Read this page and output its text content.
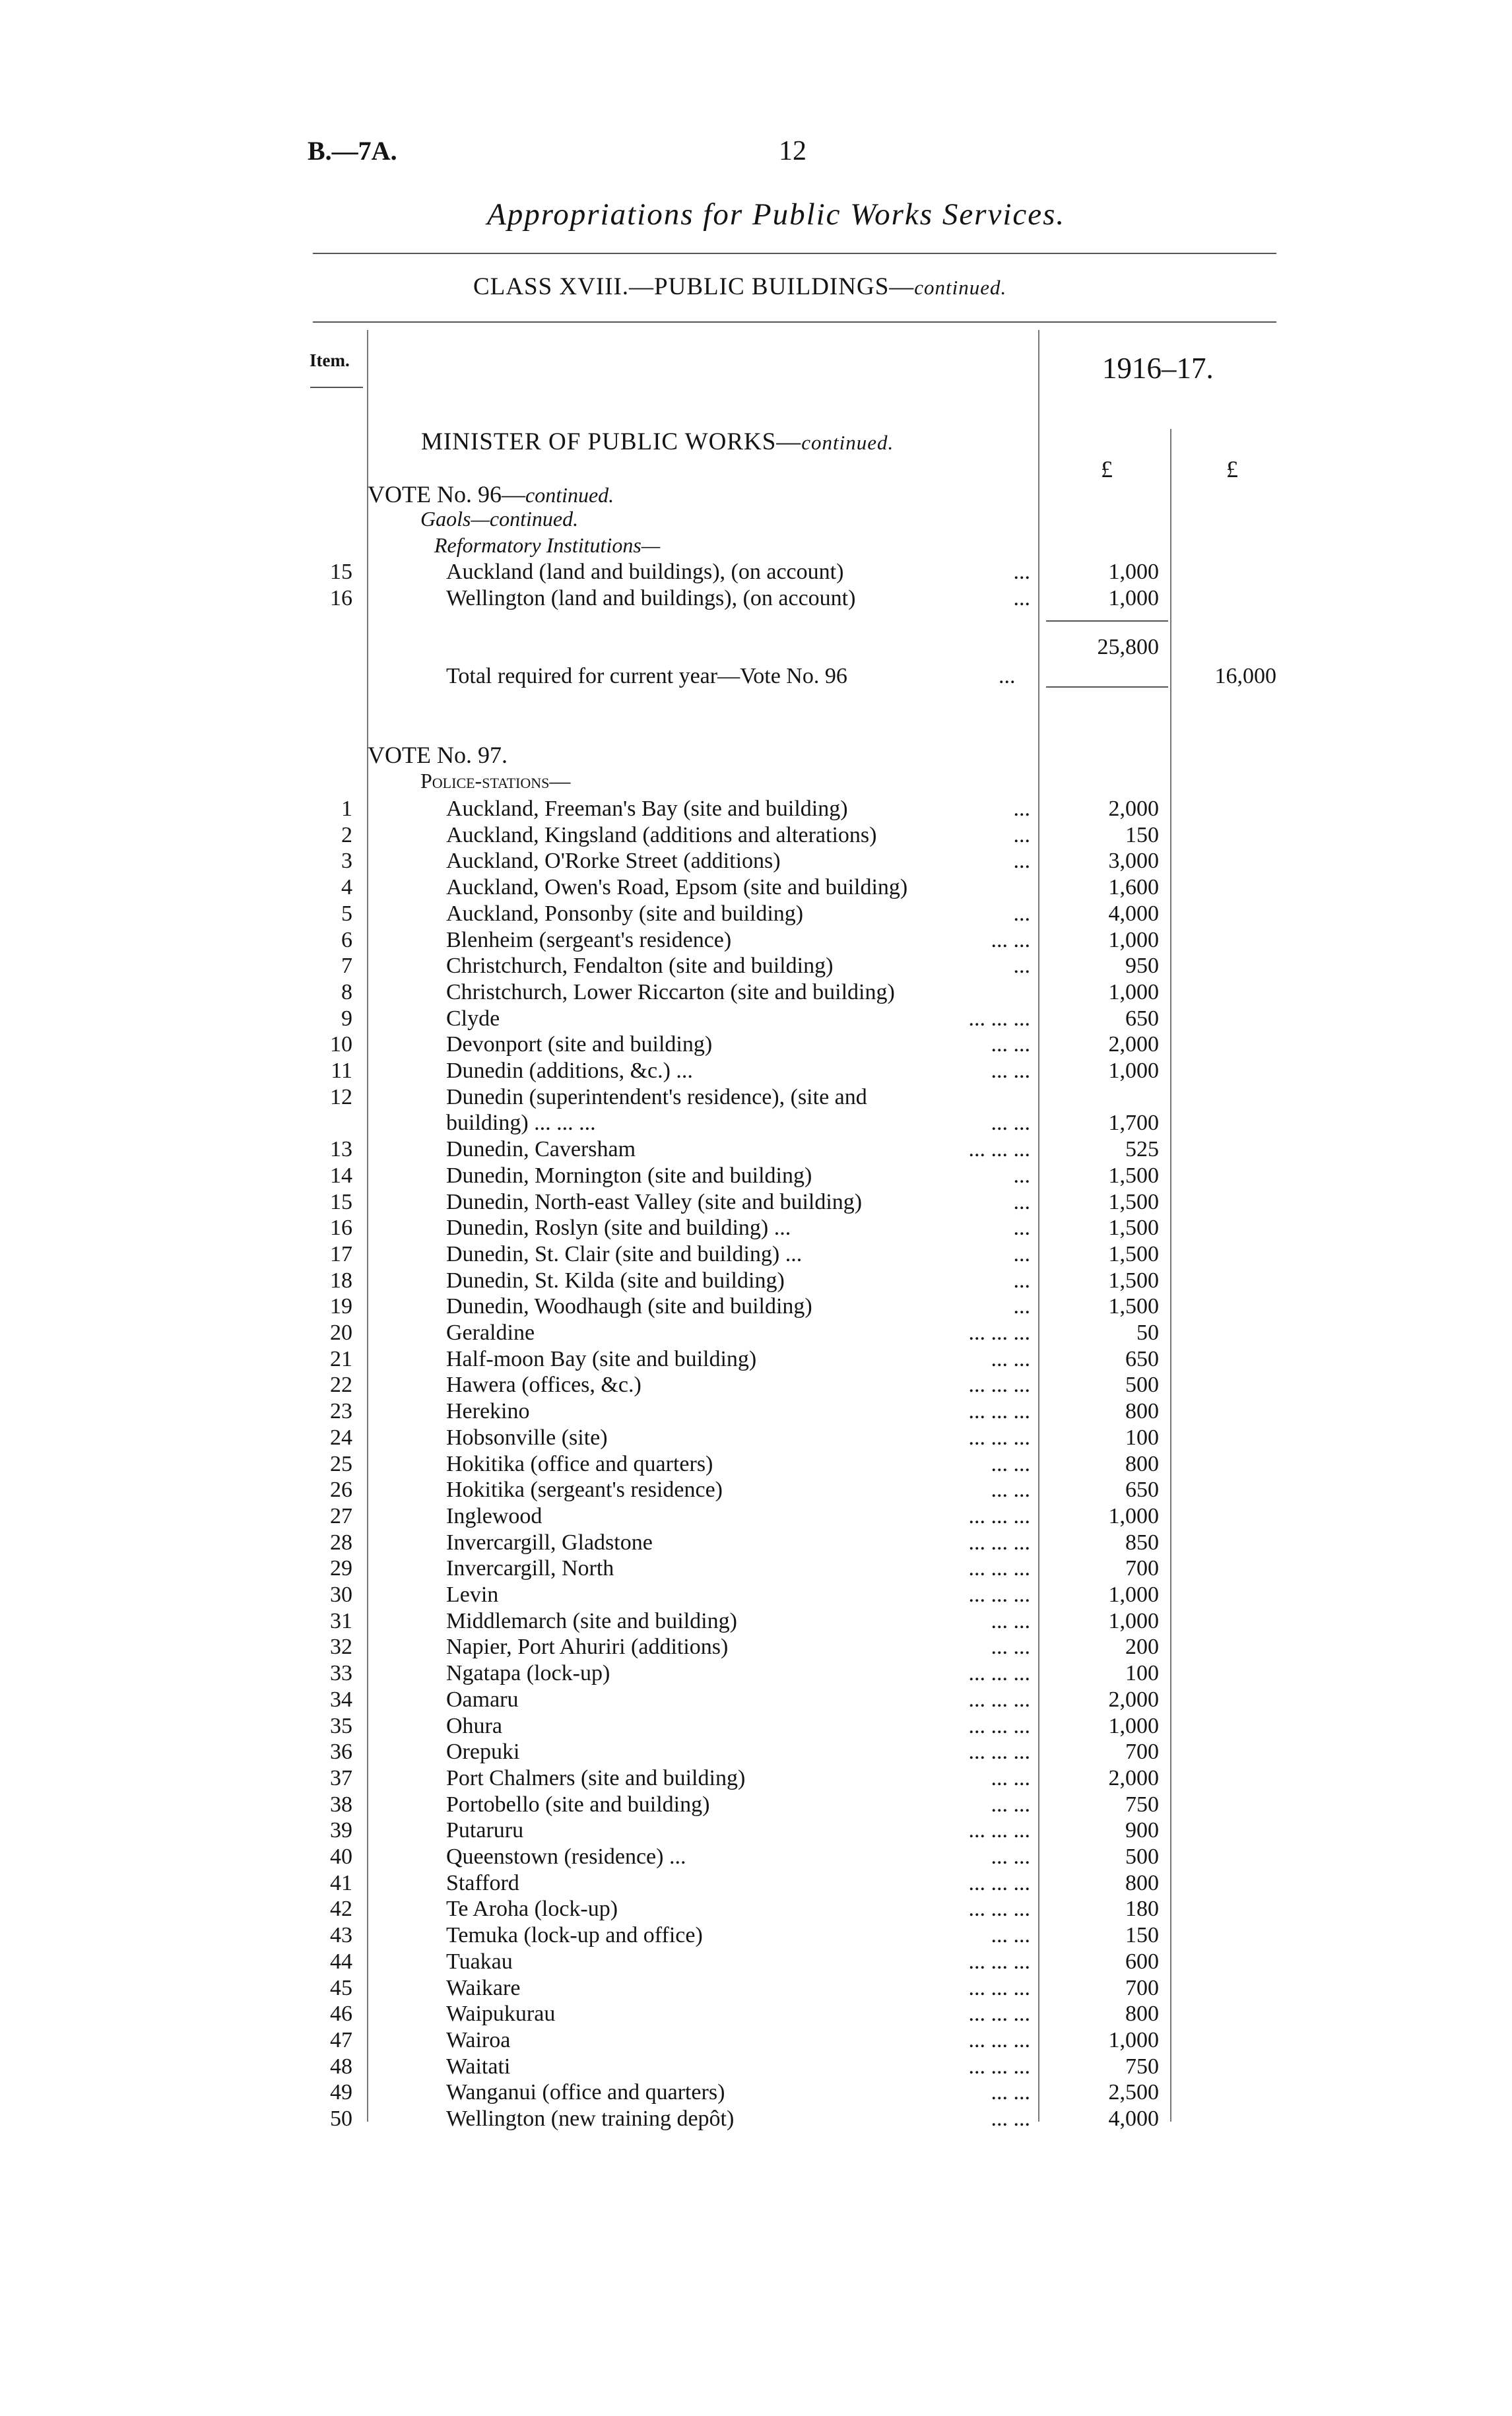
B.—7A.	12
Appropriations for Public Works Services.
CLASS XVIII.—PUBLIC BUILDINGS—continued.
Item.	1916–17.
£	£
MINISTER OF PUBLIC WORKS—continued.
VOTE No. 96—continued.
Gaols—continued.
Reformatory Institutions—
15	Auckland (land and buildings), (on account)	...	1,000
16	Wellington (land and buildings), (on account)	...	1,000
25,800
Total required for current year—Vote No. 96	...	16,000
VOTE No. 97.
Police-stations—
1	Auckland, Freeman's Bay (site and building)	...	2,000
2	Auckland, Kingsland (additions and alterations)	...	150
3	Auckland, O'Rorke Street (additions)	...	3,000
4	Auckland, Owen's Road, Epsom (site and building)	1,600
5	Auckland, Ponsonby (site and building)	...	4,000
6	Blenheim (sergeant's residence)	... ...	1,000
7	Christchurch, Fendalton (site and building)	...	950
8	Christchurch, Lower Riccarton (site and building)	1,000
9	Clyde	... ... ...	650
10	Devonport (site and building)	... ...	2,000
11	Dunedin (additions, &c.) ...	... ...	1,000
12	Dunedin (superintendent's residence), (site and
building) ... ... ...	... ...	1,700
13	Dunedin, Caversham	... ... ...	525
14	Dunedin, Mornington (site and building)	...	1,500
15	Dunedin, North-east Valley (site and building)	...	1,500
16	Dunedin, Roslyn (site and building) ...	...	1,500
17	Dunedin, St. Clair (site and building) ...	...	1,500
18	Dunedin, St. Kilda (site and building)	...	1,500
19	Dunedin, Woodhaugh (site and building)	...	1,500
20	Geraldine	... ... ...	50
21	Half-moon Bay (site and building)	... ...	650
22	Hawera (offices, &c.)	... ... ...	500
23	Herekino	... ... ...	800
24	Hobsonville (site)	... ... ...	100
25	Hokitika (office and quarters)	... ...	800
26	Hokitika (sergeant's residence)	... ...	650
27	Inglewood	... ... ...	1,000
28	Invercargill, Gladstone	... ... ...	850
29	Invercargill, North	... ... ...	700
30	Levin	... ... ...	1,000
31	Middlemarch (site and building)	... ...	1,000
32	Napier, Port Ahuriri (additions)	... ...	200
33	Ngatapa (lock-up)	... ... ...	100
34	Oamaru	... ... ...	2,000
35	Ohura	... ... ...	1,000
36	Orepuki	... ... ...	700
37	Port Chalmers (site and building)	... ...	2,000
38	Portobello (site and building)	... ...	750
39	Putaruru	... ... ...	900
40	Queenstown (residence) ...	... ...	500
41	Stafford	... ... ...	800
42	Te Aroha (lock-up)	... ... ...	180
43	Temuka (lock-up and office)	... ...	150
44	Tuakau	... ... ...	600
45	Waikare	... ... ...	700
46	Waipukurau	... ... ...	800
47	Wairoa	... ... ...	1,000
48	Waitati	... ... ...	750
49	Wanganui (office and quarters)	... ...	2,500
50	Wellington (new training depôt)	... ...	4,000
